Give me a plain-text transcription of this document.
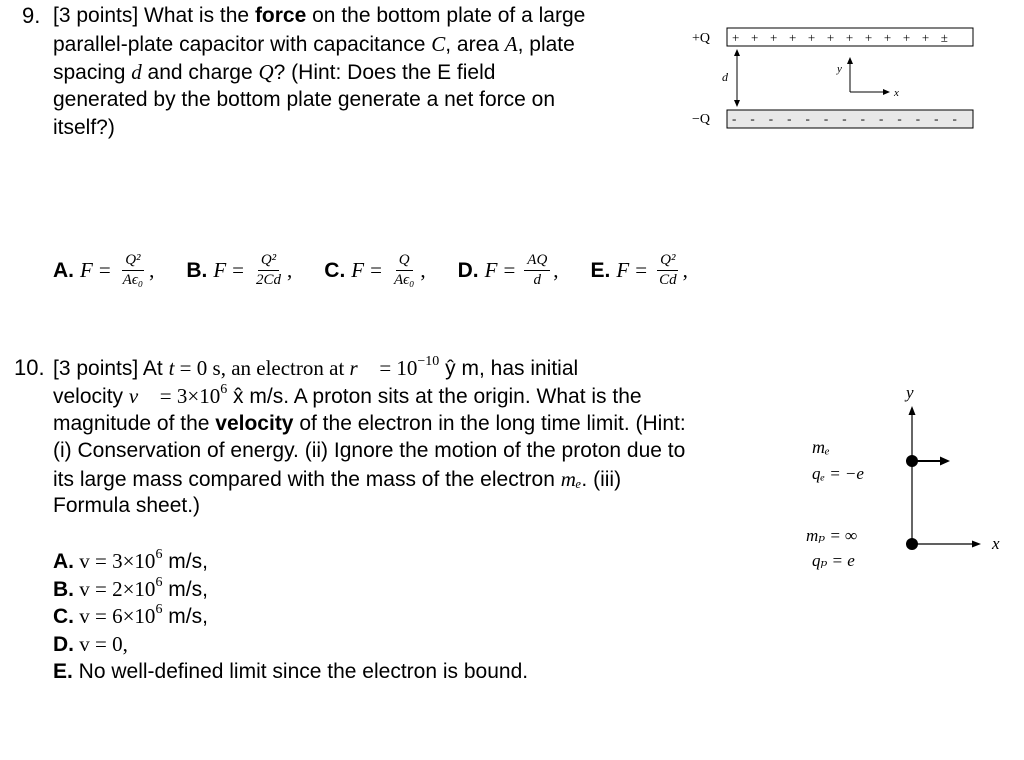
9. [3 points] What is the force on the bottom plate of a large
parallel-plate capacitor with capacitance C, area A, plate
spacing d and charge Q? (Hint: Does the E field
generated by the bottom plate generate a net force on
itself?)
+Q + + + + + + + + + + + ±
−Q - - - - - - - - - - - - -
d
y
x
A. $F = \frac{\text{Q²}}{\text{Aϵ₀}}$ , B. $F = \frac{\text{Q²}}{2Cd}$ , C. $F = \frac{Q}{\text{Aϵ₀}}$ , D. $F = \frac{AQ}{d}$ , E. $F = \frac{\text{Q²}}{Cd}$ ,
10. [3 points] At t = 0 s, an electron at r⃗ = $10^{-10}$ ŷ m, has initial
velocity v⃗ = $3\times 10^6$ x̂ m/s. A proton sits at the origin. What is the
magnitude of the velocity of the electron in the long time limit. (Hint:
(i) Conservation of energy. (ii) Ignore the motion of the proton due to
its large mass compared with the mass of the electron mₑ. (iii)
Formula sheet.)
A. $v = 3\times 10^6$ m/s,
B. $v = 2\times 10^6$ m/s,
C. $v = 6\times 10^6$ m/s,
D. v = 0,
E. No well-defined limit since the electron is bound.
y
x
mₑ
qₑ = −e
mₚ = ∞
qₚ = e
